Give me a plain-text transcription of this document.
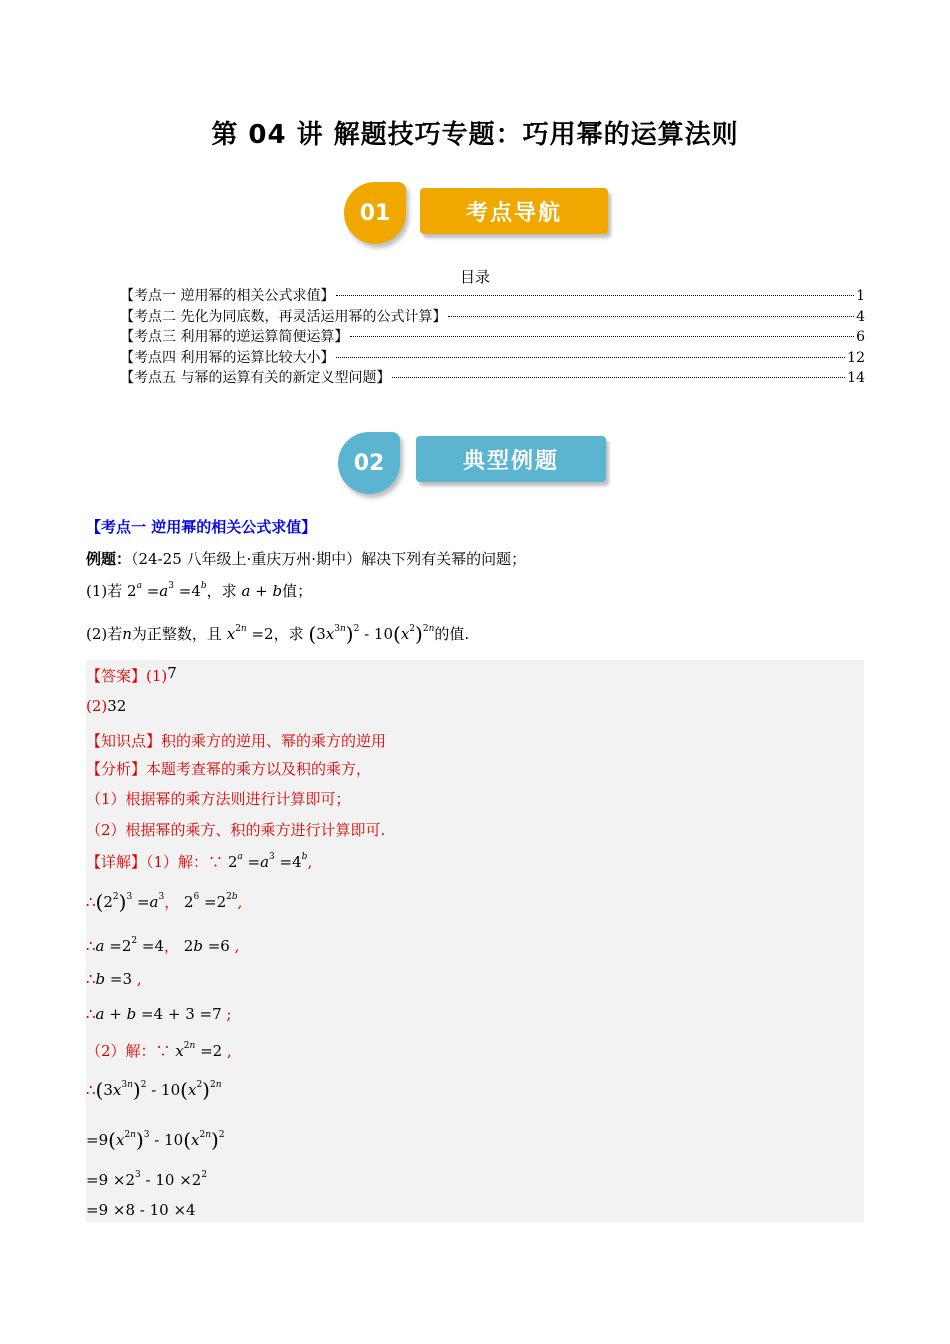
第 04 讲 解题技巧专题：巧用幂的运算法则
考点导航
01
目录
【考点一 逆用幂的相关公式求值】	1
【考点二 先化为同底数，再灵活运用幂的公式计算】	4
【考点三 利用幂的逆运算简便运算】	6
【考点四 利用幂的运算比较大小】	12
【考点五 与幂的运算有关的新定义型问题】	14
典型例题
02
【考点一 逆用幂的相关公式求值】
例题：（24-25 八年级上·重庆万州·期中）解决下列有关幂的问题；
(1)若 $2^a =a^3 =4^b$，求 a + b值；
(2)若n为正整数，且 $x^{2n} =2$，求 $(3x^{3n})^2 - 10(x^2)^{2n}$的值.
【答案】(1)7
(2)32
【知识点】积的乘方的逆用、幂的乘方的逆用
【分析】本题考查幂的乘方以及积的乘方，
（1）根据幂的乘方法则进行计算即可；
（2）根据幂的乘方、积的乘方进行计算即可.
【详解】（1）解：∵ $2^a =a^3 =4^b$,
$\therefore(2^2)^3 =a^3$， $2^6 =2^{2b}$,
∴a $=2^2 =4$， 2b =6 ,
∴b =3 ,
∴a + b =4 + 3 =7 ;
（2）解：∵ $x^{2n} =2$ ,
$\therefore(3x^{3n})^2 - 10(x^2)^{2n}$
$=9(x^{2n})^3 - 10(x^{2n})^2$
$=9 \times 2^3 - 10 \times 2^2$
=9 ×8 - 10 ×4
